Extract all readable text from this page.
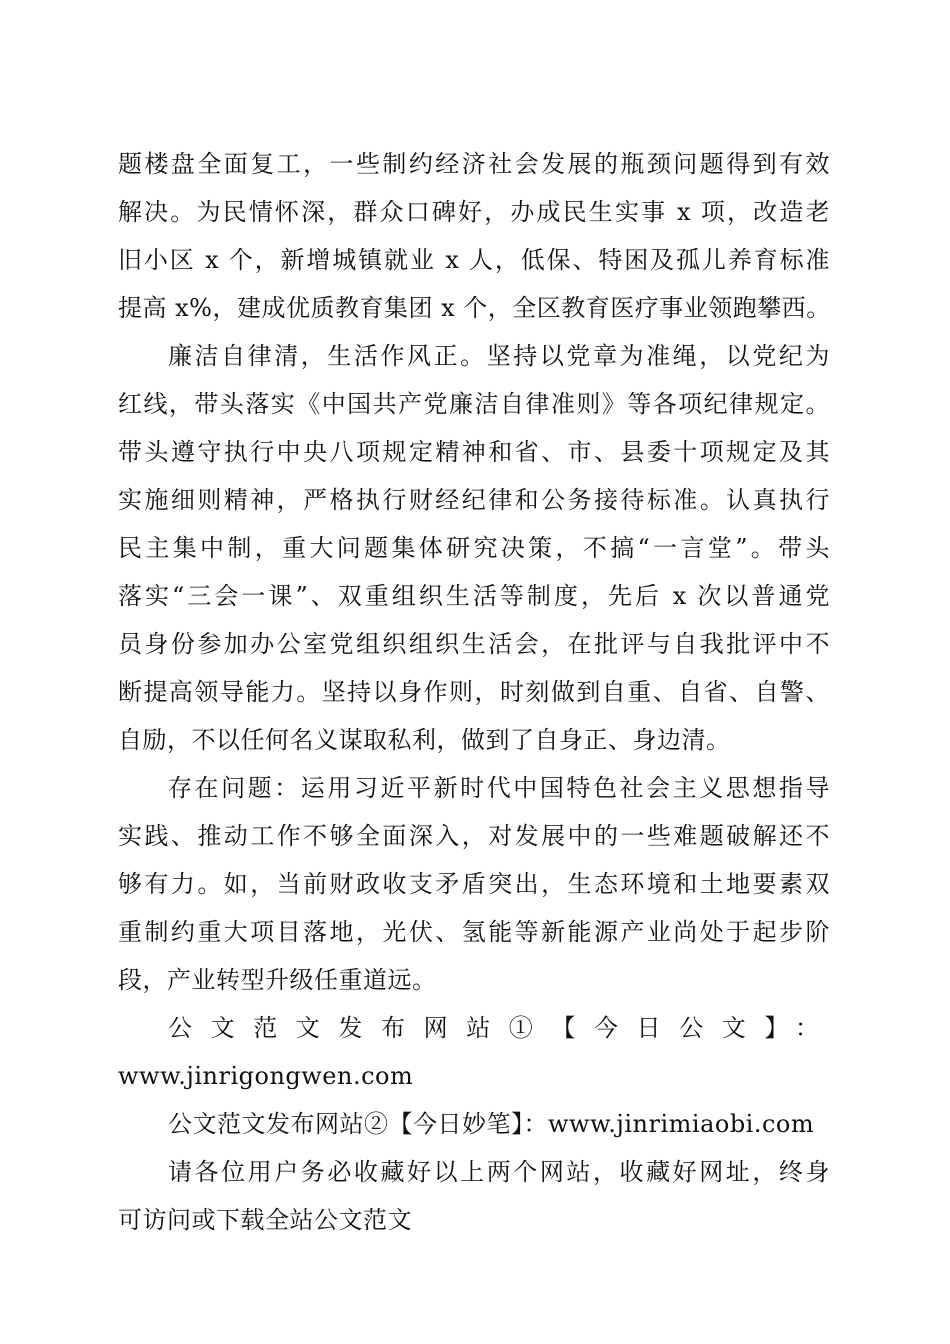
题楼盘全面复工，一些制约经济社会发展的瓶颈问题得到有效
解决。为民情怀深，群众口碑好，办成民生实事 x 项，改造老
旧小区 x 个，新增城镇就业 x 人，低保、特困及孤儿养育标准
提高 x%，建成优质教育集团 x 个，全区教育医疗事业领跑攀西。
廉洁自律清，生活作风正。坚持以党章为准绳，以党纪为
红线，带头落实《中国共产党廉洁自律准则》等各项纪律规定。
带头遵守执行中央八项规定精神和省、市、县委十项规定及其
实施细则精神，严格执行财经纪律和公务接待标准。认真执行
民主集中制，重大问题集体研究决策，不搞“一言堂”。带头
落实“三会一课”、双重组织生活等制度，先后 x 次以普通党
员身份参加办公室党组织组织生活会，在批评与自我批评中不
断提高领导能力。坚持以身作则，时刻做到自重、自省、自警、
自励，不以任何名义谋取私利，做到了自身正、身边清。
存在问题：运用习近平新时代中国特色社会主义思想指导
实践、推动工作不够全面深入，对发展中的一些难题破解还不
够有力。如，当前财政收支矛盾突出，生态环境和土地要素双
重制约重大项目落地，光伏、氢能等新能源产业尚处于起步阶
段，产业转型升级任重道远。
公文范文发布网站①【今日公文】：
www.jinrigongwen.com
公文范文发布网站②【今日妙笔】：www.jinrimiaobi.com
请各位用户务必收藏好以上两个网站，收藏好网址，终身
可访问或下载全站公文范文
